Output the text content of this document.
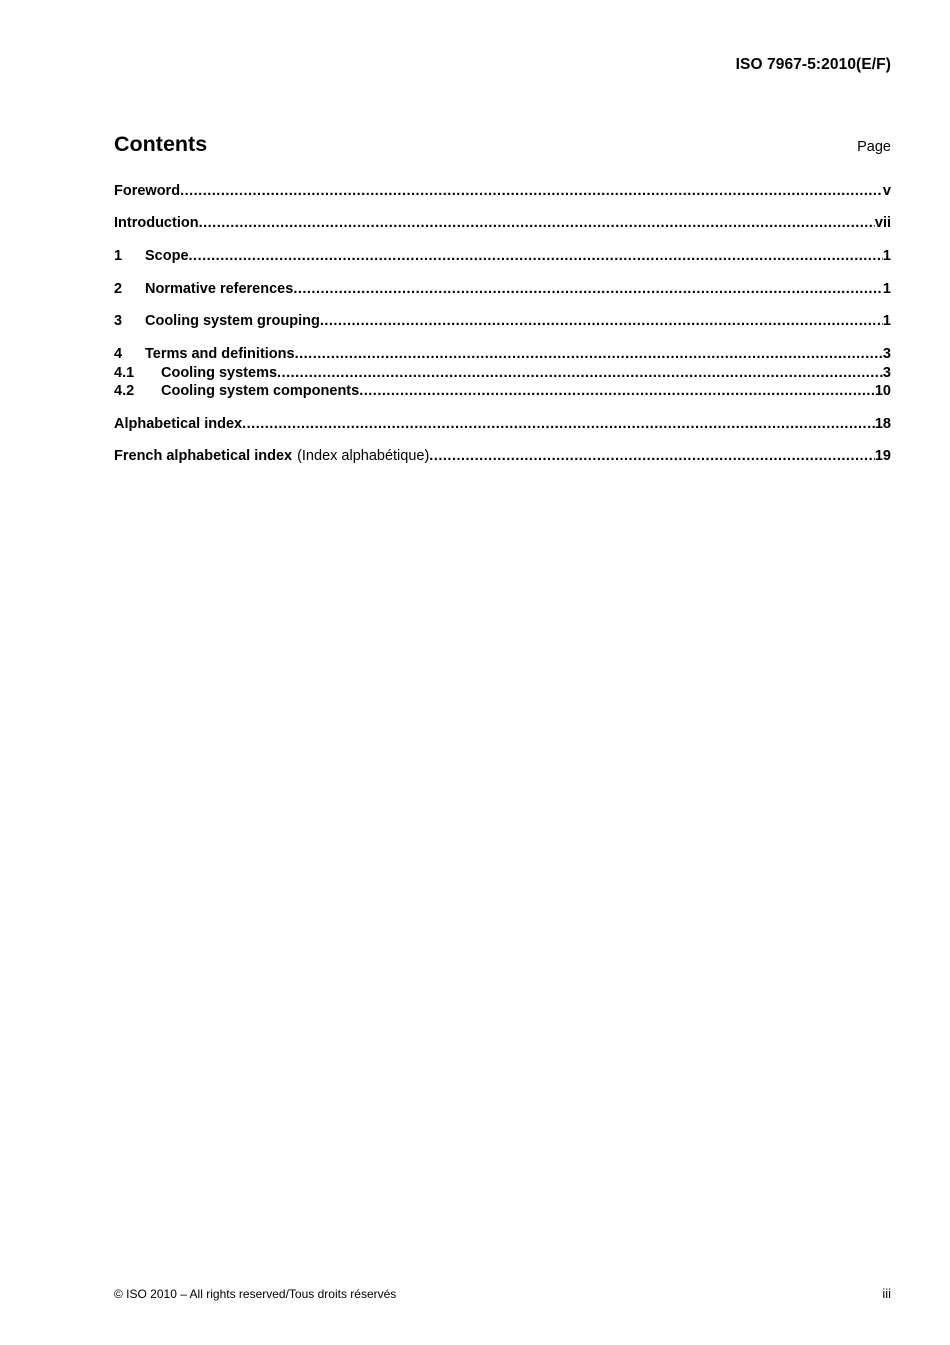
ISO 7967-5:2010(E/F)
Contents	Page
Foreword .....	v
Introduction .....	vii
1	Scope .....	1
2	Normative references .....	1
3	Cooling system grouping .....	1
4	Terms and definitions .....	3
4.1	Cooling systems .....	3
4.2	Cooling system components .....	10
Alphabetical index .....	18
French alphabetical index (Index alphabétique) .....	19
© ISO 2010 – All rights reserved/Tous droits réservés	iii
